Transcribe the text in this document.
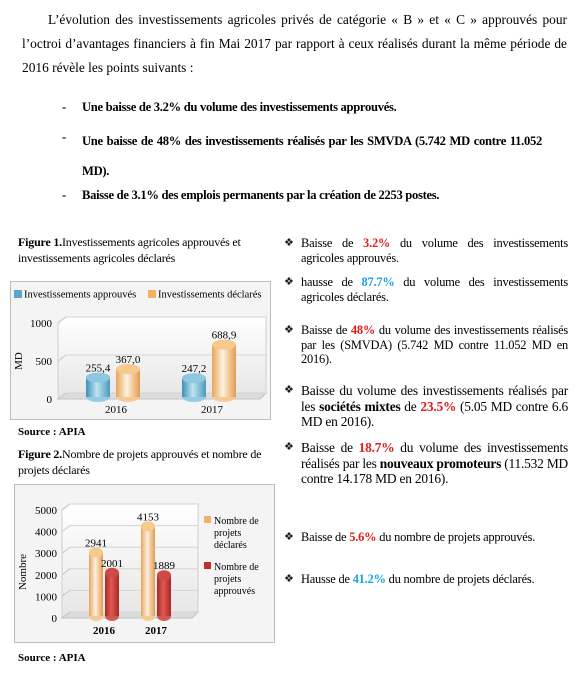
L’évolution des investissements agricoles privés de catégorie « B » et « C » approuvés pour l’octroi d’avantages financiers à fin Mai 2017 par rapport à ceux réalisés durant la même période de 2016 révèle les points suivants :
-	Une baisse de 3.2% du volume des investissements approuvés.
-	Une baisse de 48% des investissements réalisés par les SMVDA (5.742 MD contre 11.052 MD).
-	Baisse de 3.1% des emplois permanents par la création de 2253 postes.
Figure 1.Investissements agricoles approuvés et investissements agricoles déclarés
Investissements approuvés Investissements déclarés
0
500
1000
MD
2016
255,4
367,0
2017
247,2
688,9
Source : APIA
Figure 2.Nombre de projets approuvés et nombre de projets déclarés
0
1000
2000
3000
4000
5000
Nombre
2016
2941
2001
2017
4153
1889
Nombre de
projets
déclarés
Nombre de
projets
approuvés
Source : APIA
❖ Baisse de 3.2% du volume des investissements agricoles approuvés.
❖ hausse de 87.7% du volume des investissements agricoles déclarés.
❖ Baisse de 48% du volume des investissements réalisés par les (SMVDA) (5.742 MD contre 11.052 MD en 2016).
❖ Baisse du volume des investissements réalisés par les sociétés mixtes de 23.5% (5.05 MD contre 6.6 MD en 2016).
❖ Baisse de 18.7% du volume des investissements réalisés par les nouveaux promoteurs (11.532 MD contre 14.178 MD en 2016).
❖ Baisse de 5.6% du nombre de projets approuvés.
❖ Hausse de 41.2% du nombre de projets déclarés.
